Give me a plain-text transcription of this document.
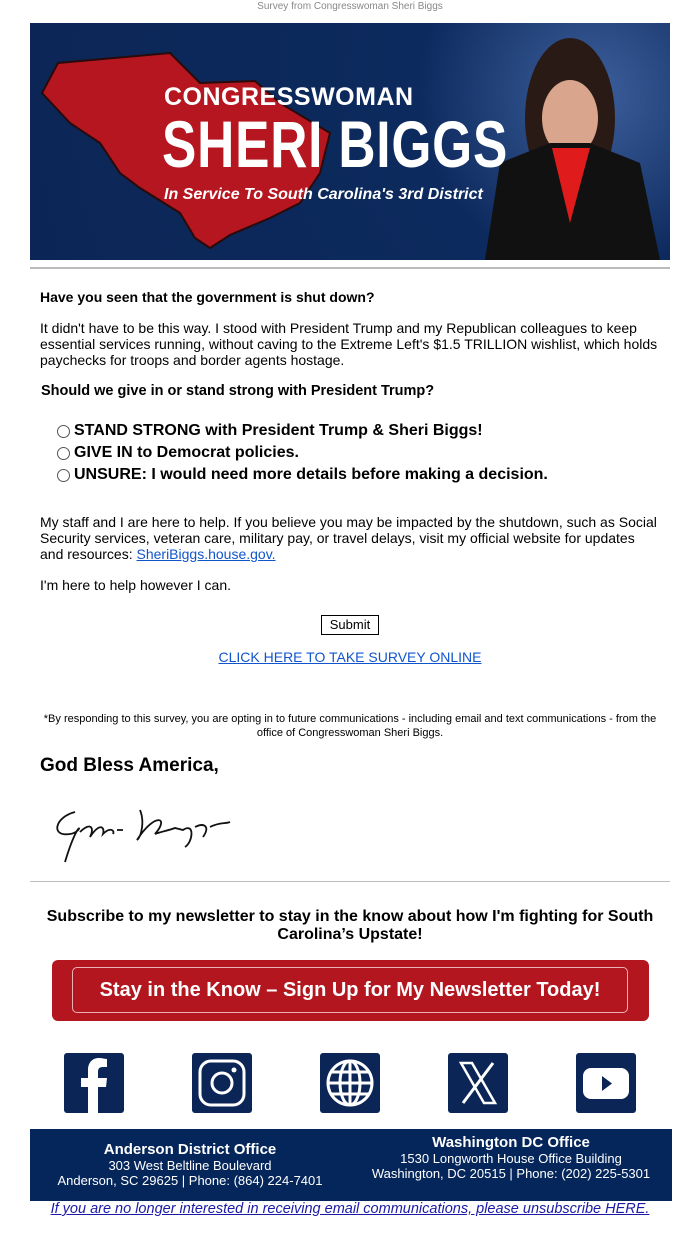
Survey from Congresswoman Sheri Biggs
CONGRESSWOMAN
SHERI BIGGS
In Service To South Carolina's 3rd District
Have you seen that the government is shut down?
It didn't have to be this way. I stood with President Trump and my Republican colleagues to keep essential services running, without caving to the Extreme Left's $1.5 TRILLION wishlist, which holds paychecks for troops and border agents hostage.
Should we give in or stand strong with President Trump?
STAND STRONG with President Trump & Sheri Biggs!
GIVE IN to Democrat policies.
UNSURE: I would need more details before making a decision.
My staff and I are here to help. If you believe you may be impacted by the shutdown, such as Social Security services, veteran care, military pay, or travel delays, visit my official website for updates and resources: SheriBiggs.house.gov.
I'm here to help however I can.
Submit
CLICK HERE TO TAKE SURVEY ONLINE
*By responding to this survey, you are opting in to future communications - including email and text communications - from the office of Congresswoman Sheri Biggs.
God Bless America,
Subscribe to my newsletter to stay in the know about how I'm fighting for South Carolina’s Upstate!
Stay in the Know – Sign Up for My Newsletter Today!
Anderson District Office
303 West Beltline Boulevard
Anderson, SC 29625 | Phone: (864) 224-7401
Washington DC Office
1530 Longworth House Office Building
Washington, DC 20515 | Phone: (202) 225-5301
If you are no longer interested in receiving email communications, please unsubscribe HERE.
